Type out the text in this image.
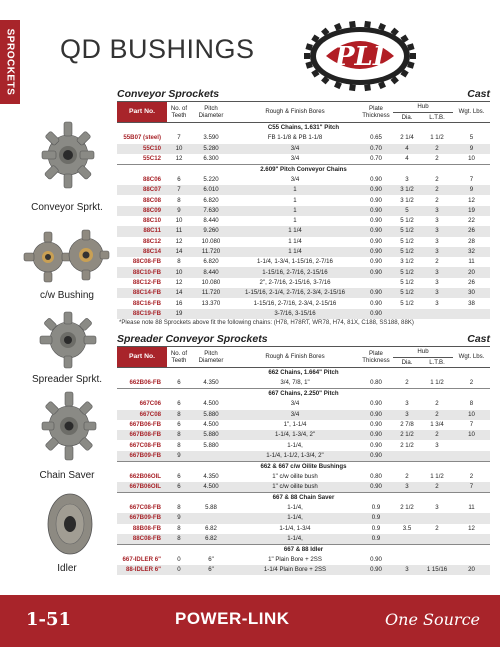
SPROCKETS QD BUSHINGS	PLI
Conveyor Sprkt.
c/w Bushing
Spreader Sprkt.
Chain Saver
Idler
Conveyor Sprockets	Cast
Part No.	No. of Teeth	Pitch Diameter	Rough & Finish Bores	Plate Thickness	Hub		Wgt. Lbs.
					Dia.	L.T.B.	
C55 Chains, 1.631" Pitch							
55B07 (steel)	7	3.590	FB 1-1/8 & PB 1-1/8	0.65	2 1/4	1 1/2	5
55C10	10	5.280	3/4	0.70	4	2	9
55C12	12	6.300	3/4	0.70	4	2	10
2.609" Pitch Conveyor Chains							
88C06	6	5.220	3/4	0.90	3	2	7
88C07	7	6.010	1	0.90	3 1/2	2	9
88C08	8	6.820	1	0.90	3 1/2	2	12
88C09	9	7.630	1	0.90	5	3	19
88C10	10	8.440	1	0.90	5 1/2	3	22
88C11	11	9.260	1 1/4	0.90	5 1/2	3	26
88C12	12	10.080	1 1/4	0.90	5 1/2	3	28
88C14	14	11.720	1 1/4	0.90	5 1/2	3	32
88C08-FB	8	6.820	1-1/4, 1-3/4, 1-15/16, 2-7/16	0.90	3 1/2	2	11
88C10-FB	10	8.440	1-15/16, 2-7/16, 2-15/16	0.90	5 1/2	3	20
88C12-FB	12	10.080	2", 2-7/16, 2-15/16, 3-7/16		5 1/2	3	26
88C14-FB	14	11.720	1-15/16, 2-1/4, 2-7/16, 2-3/4, 2-15/16	0.90	5 1/2	3	30
88C16-FB	16	13.370	1-15/16, 2-7/16, 2-3/4, 2-15/16	0.90	5 1/2	3	38
88C19-FB	19		3-7/16, 3-15/16	0.90			
*Please note 88 Sprockets above fit the following chains: (H78, H78RT, WR78, H74, 81X, C188, SS188, 88K)
Spreader Conveyor Sprockets	Cast
Part No.	No. of Teeth	Pitch Diameter	Rough & Finish Bores	Plate Thickness	Hub		Wgt. Lbs.
					Dia.	L.T.B.	
662 Chains, 1.664" Pitch							
662B06-FB	6	4.350	3/4, 7/8, 1"	0.80	2	1 1/2	2
667 Chains, 2.250" Pitch							
667C06	6	4.500	3/4	0.90	3	2	8
667C08	8	5.880	3/4	0.90	3	2	10
667B06-FB	6	4.500	1", 1-1/4	0.90	2 7/8	1 3/4	7
667B08-FB	8	5.880	1-1/4, 1-3/4, 2"	0.90	2 1/2	2	10
667C08-FB	8	5.880	1-1/4,	0.90	2 1/2	3	
667B09-FB	9		1-1/4, 1-1/2, 1-3/4, 2"	0.90			
662 & 667 c/w Oilite Bushings							
662B06OIL	6	4.350	1" c/w oilite bush	0.80	2	1 1/2	2
667B06OIL	6	4.500	1" c/w oilite bush	0.90	3	2	7
667 & 88 Chain Saver							
667C08-FB	8	5.88	1-1/4,	0.9	2 1/2	3	11
667B09-FB	9		1-1/4,	0.9			
88B08-FB	8	6.82	1-1/4, 1-3/4	0.9	3.5	2	12
88C08-FB	8	6.82	1-1/4,	0.9			
667 & 88 Idler							
667-IDLER 6"	0	6"	1" Plain Bore + 2SS	0.90			
88-IDLER 6"	0	6"	1-1/4 Plain Bore + 2SS	0.90	3	1 15/16	20
1-51	POWER-LINK	One Source
